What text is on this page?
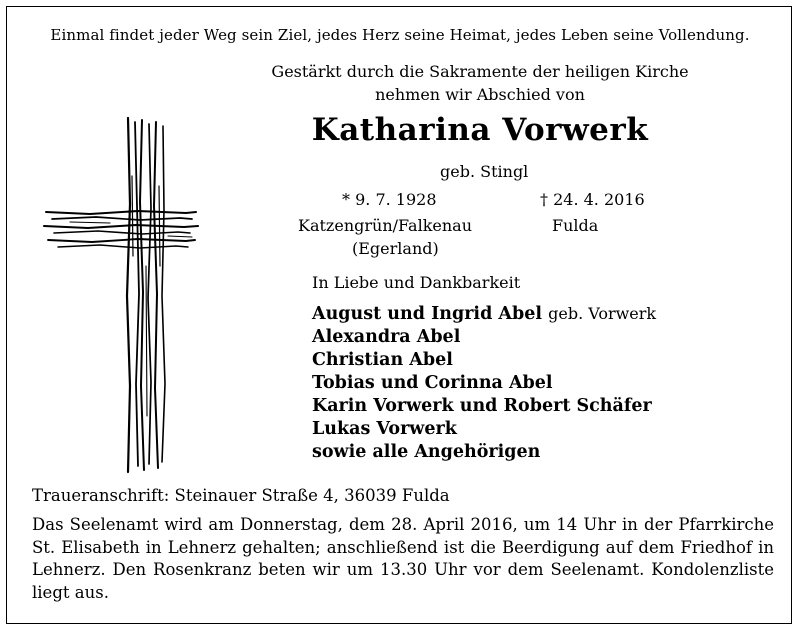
Einmal findet jeder Weg sein Ziel, jedes Herz seine Heimat, jedes Leben seine Vollendung.
Gestärkt durch die Sakramente der heiligen Kirche
nehmen wir Abschied von
Katharina Vorwerk
geb. Stingl
* 9. 7. 1928	† 24. 4. 2016
Katzengrün/Falkenau	Fulda
(Egerland)
In Liebe und Dankbarkeit
August und Ingrid Abel geb. Vorwerk
Alexandra Abel
Christian Abel
Tobias und Corinna Abel
Karin Vorwerk und Robert Schäfer
Lukas Vorwerk
sowie alle Angehörigen
Traueranschrift: Steinauer Straße 4, 36039 Fulda
Das Seelenamt wird am Donnerstag, dem 28. April 2016, um 14 Uhr in der Pfarrkirche St. Elisabeth in Lehnerz gehalten; anschließend ist die Beerdigung auf dem Friedhof in Lehnerz. Den Rosenkranz beten wir um 13.30 Uhr vor dem Seelenamt. Kondolenzliste liegt aus.
